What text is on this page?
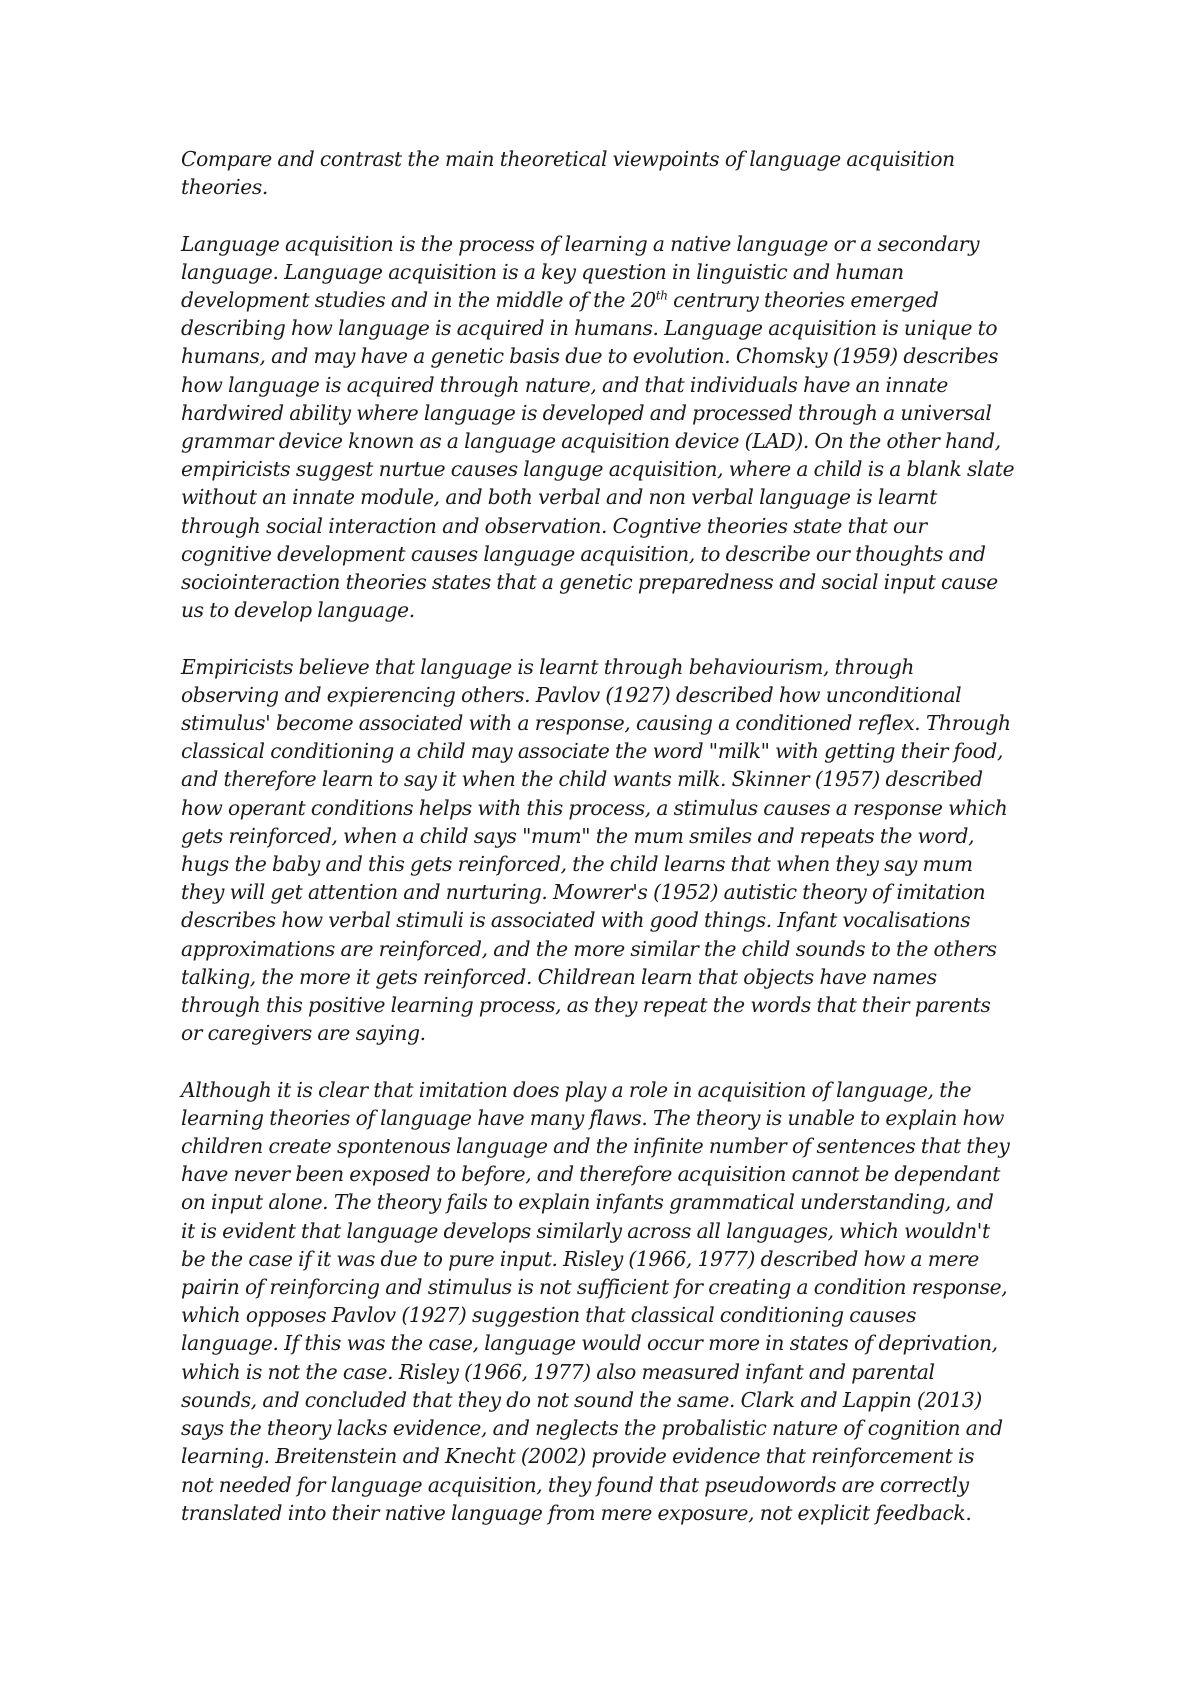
Compare and contrast the main theoretical viewpoints of language acquisition
theories.
Language acquisition is the process of learning a native language or a secondary
language. Language acquisition is a key question in linguistic and human
development studies and in the middle of the 20th centrury theories emerged
describing how language is acquired in humans. Language acquisition is unique to
humans, and may have a genetic basis due to evolution. Chomsky (1959) describes
how language is acquired through nature, and that individuals have an innate
hardwired ability where language is developed and processed through a universal
grammar device known as a language acquisition device (LAD). On the other hand,
empiricists suggest nurtue causes languge acquisition, where a child is a blank slate
without an innate module, and both verbal and non verbal language is learnt
through social interaction and observation. Cogntive theories state that our
cognitive development causes language acquisition, to describe our thoughts and
sociointeraction theories states that a genetic preparedness and social input cause
us to develop language.
Empiricists believe that language is learnt through behaviourism, through
observing and expierencing others. Pavlov (1927) described how unconditional
stimulus' become associated with a response, causing a conditioned reflex. Through
classical conditioning a child may associate the word "milk" with getting their food,
and therefore learn to say it when the child wants milk. Skinner (1957) described
how operant conditions helps with this process, a stimulus causes a response which
gets reinforced, when a child says "mum" the mum smiles and repeats the word,
hugs the baby and this gets reinforced, the child learns that when they say mum
they will get attention and nurturing. Mowrer's (1952) autistic theory of imitation
describes how verbal stimuli is associated with good things. Infant vocalisations
approximations are reinforced, and the more similar the child sounds to the others
talking, the more it gets reinforced. Childrean learn that objects have names
through this positive learning process, as they repeat the words that their parents
or caregivers are saying.
Although it is clear that imitation does play a role in acquisition of language, the
learning theories of language have many flaws. The theory is unable to explain how
children create spontenous language and the infinite number of sentences that they
have never been exposed to before, and therefore acquisition cannot be dependant
on input alone. The theory fails to explain infants grammatical understanding, and
it is evident that language develops similarly across all languages, which wouldn't
be the case if it was due to pure input. Risley (1966, 1977) described how a mere
pairin of reinforcing and stimulus is not sufficient for creating a condition response,
which opposes Pavlov (1927) suggestion that classical conditioning causes
language. If this was the case, language would occur more in states of deprivation,
which is not the case. Risley (1966, 1977) also measured infant and parental
sounds, and concluded that they do not sound the same. Clark and Lappin (2013)
says the theory lacks evidence, and neglects the probalistic nature of cognition and
learning. Breitenstein and Knecht (2002) provide evidence that reinforcement is
not needed for language acquisition, they found that pseudowords are correctly
translated into their native language from mere exposure, not explicit feedback.
